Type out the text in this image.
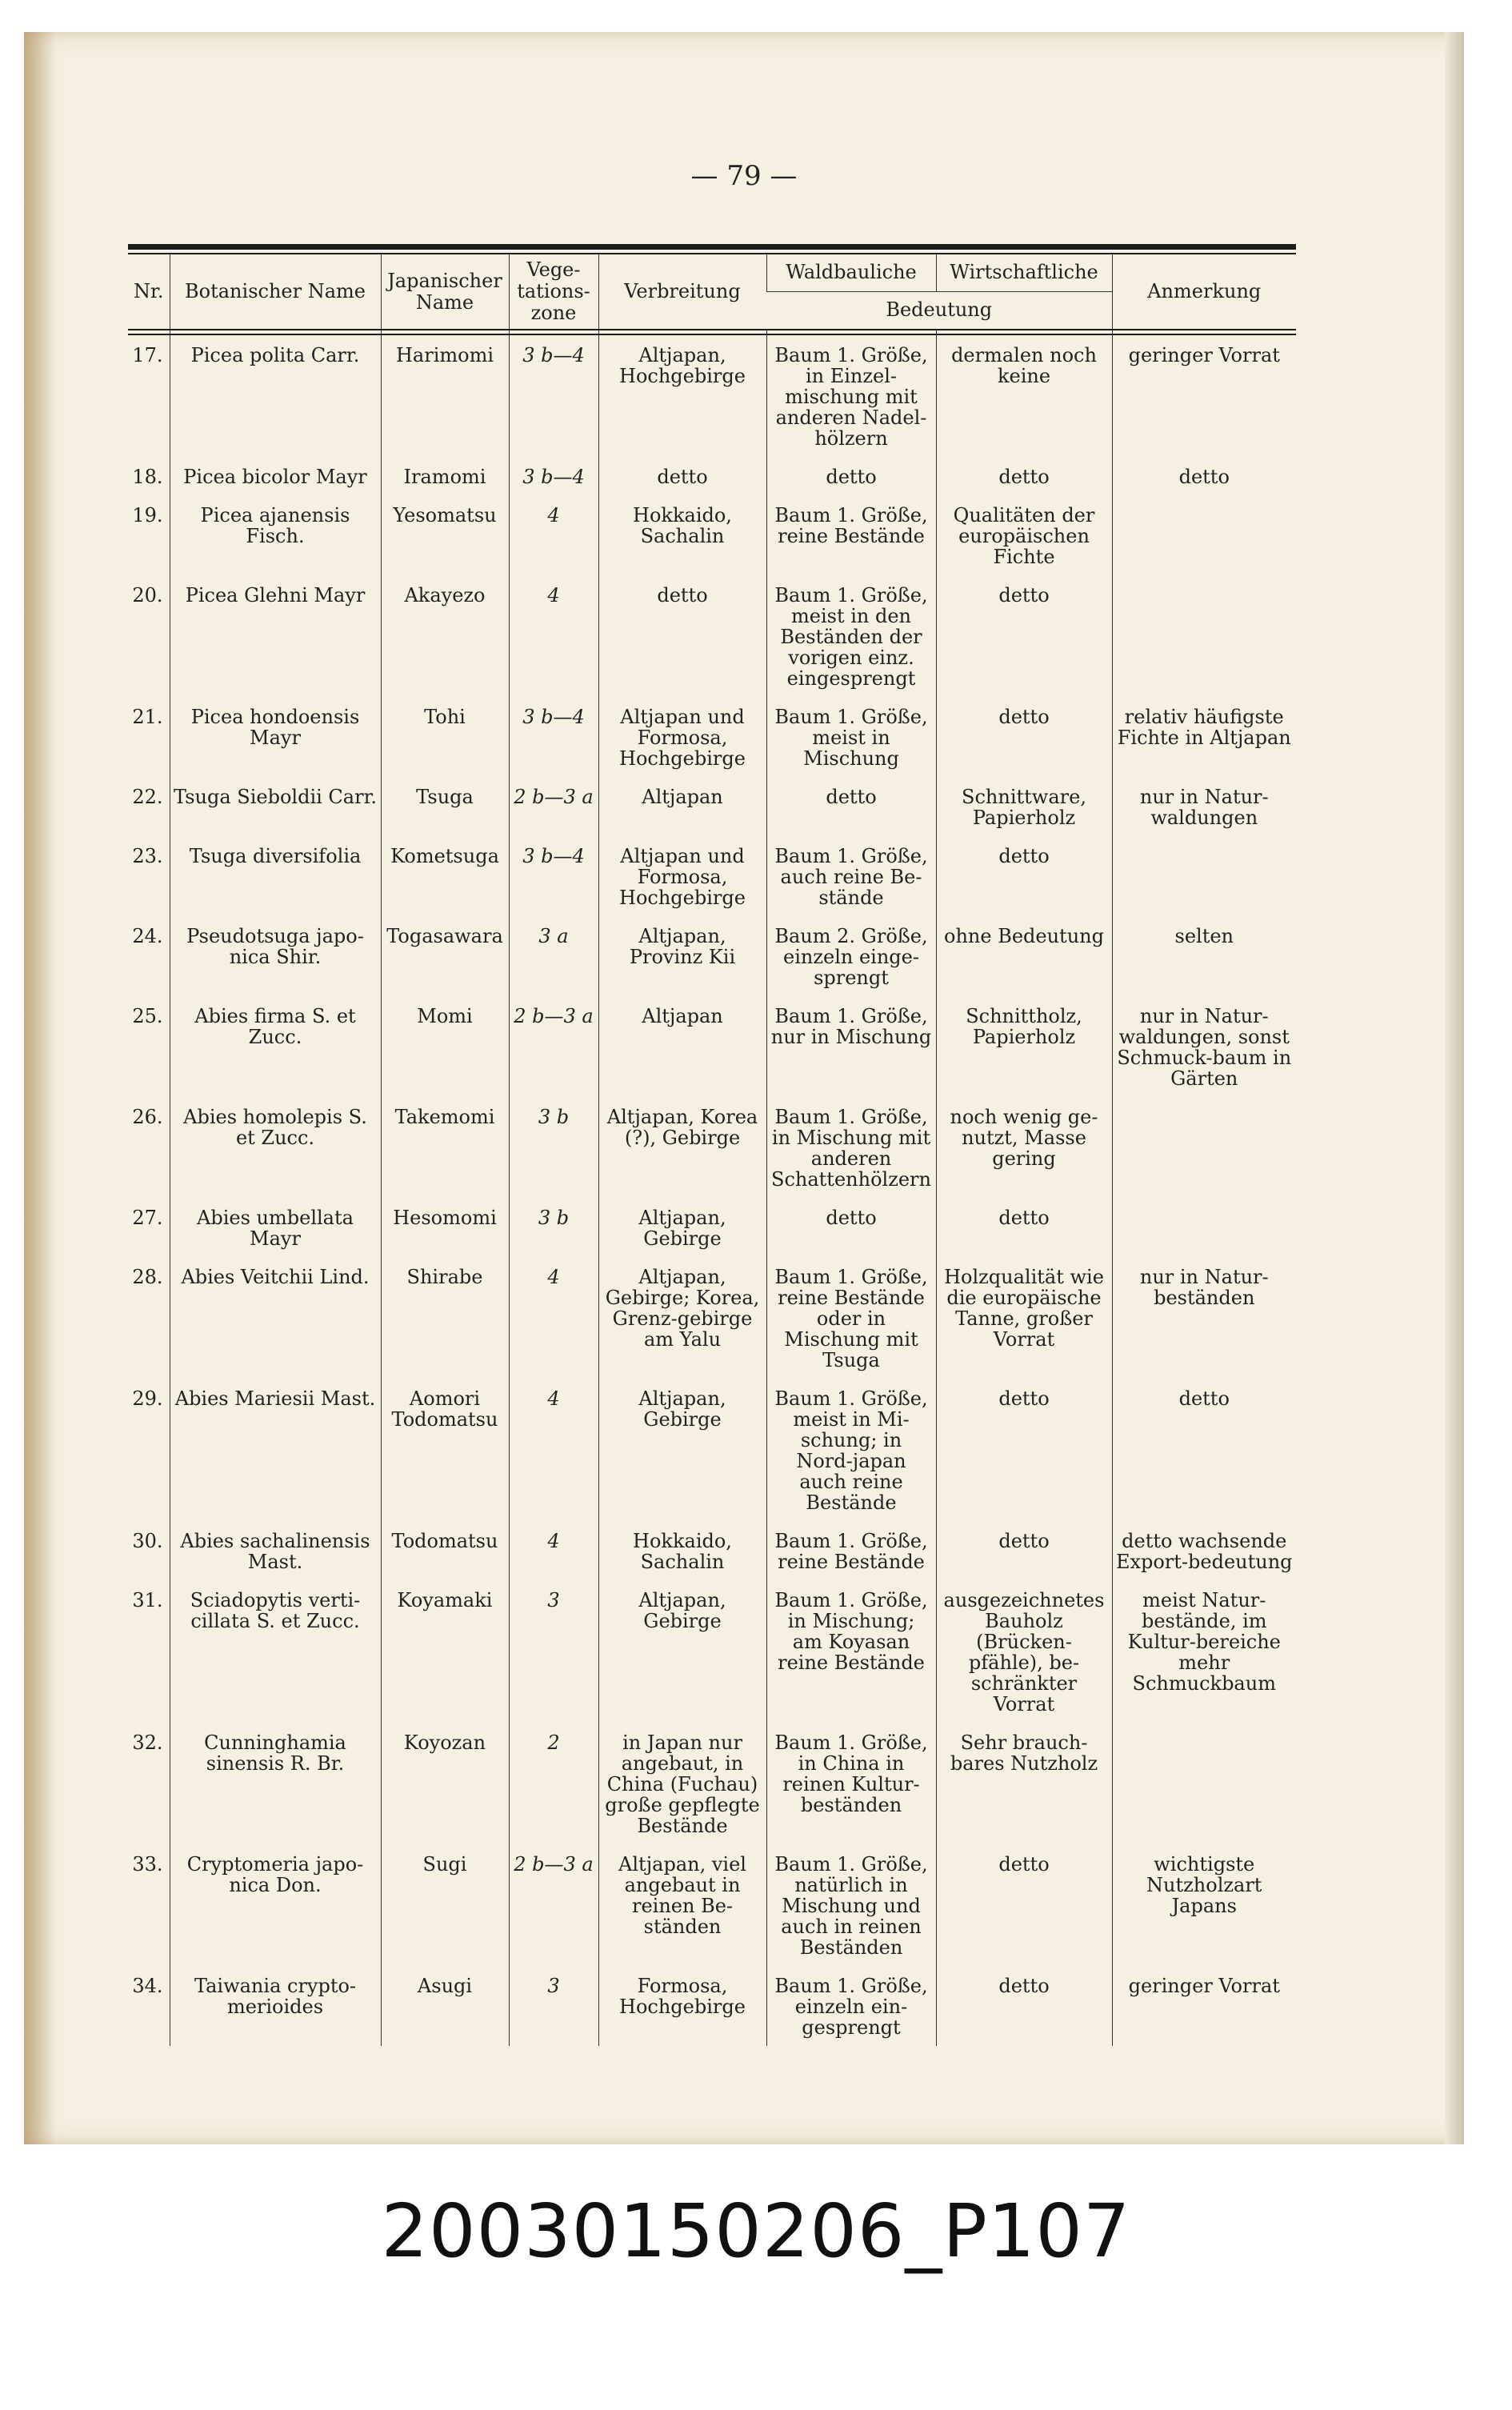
— 79 —
Nr.	Botanischer Name	Japanischer Name	Vege-tations-zone	Verbreitung	Waldbauliche	Wirtschaftliche	Anmerkung
					Bedeutung		

17.	Picea polita Carr.	Harimomi	3 b—4	Altjapan, Hochgebirge	Baum 1. Größe, in Einzel-mischung mit anderen Nadel-hölzern	dermalen noch keine	geringer Vorrat
18.	Picea bicolor Mayr	Iramomi	3 b—4	detto	detto	detto	detto
19.	Picea ajanensis Fisch.	Yesomatsu	4	Hokkaido, Sachalin	Baum 1. Größe, reine Bestände	Qualitäten der europäischen Fichte	
20.	Picea Glehni Mayr	Akayezo	4	detto	Baum 1. Größe, meist in den Beständen der vorigen einz. eingesprengt	detto	
21.	Picea hondoensis Mayr	Tohi	3 b—4	Altjapan und Formosa, Hochgebirge	Baum 1. Größe, meist in Mischung	detto	relativ häufigste Fichte in Altjapan
22.	Tsuga Sieboldii Carr.	Tsuga	2 b—3 a	Altjapan	detto	Schnittware, Papierholz	nur in Natur-waldungen
23.	Tsuga diversifolia	Kometsuga	3 b—4	Altjapan und Formosa, Hochgebirge	Baum 1. Größe, auch reine Be-stände	detto	
24.	Pseudotsuga japo-nica Shir.	Togasawara	3 a	Altjapan, Provinz Kii	Baum 2. Größe, einzeln einge-sprengt	ohne Bedeutung	selten
25.	Abies firma S. et Zucc.	Momi	2 b—3 a	Altjapan	Baum 1. Größe, nur in Mischung	Schnittholz, Papierholz	nur in Natur-waldungen, sonst Schmuck-baum in Gärten
26.	Abies homolepis S. et Zucc.	Takemomi	3 b	Altjapan, Korea (?), Gebirge	Baum 1. Größe, in Mischung mit anderen Schattenhölzern	noch wenig ge-nutzt, Masse gering	
27.	Abies umbellata Mayr	Hesomomi	3 b	Altjapan, Gebirge	detto	detto	
28.	Abies Veitchii Lind.	Shirabe	4	Altjapan, Gebirge; Korea, Grenz-gebirge am Yalu	Baum 1. Größe, reine Bestände oder in Mischung mit Tsuga	Holzqualität wie die europäische Tanne, großer Vorrat	nur in Natur-beständen
29.	Abies Mariesii Mast.	Aomori Todomatsu	4	Altjapan, Gebirge	Baum 1. Größe, meist in Mi-schung; in Nord-japan auch reine Bestände	detto	detto
30.	Abies sachalinensis Mast.	Todomatsu	4	Hokkaido, Sachalin	Baum 1. Größe, reine Bestände	detto	detto wachsende Export-bedeutung
31.	Sciadopytis verti-cillata S. et Zucc.	Koyamaki	3	Altjapan, Gebirge	Baum 1. Größe, in Mischung; am Koyasan reine Bestände	ausgezeichnetes Bauholz (Brücken-pfähle), be-schränkter Vorrat	meist Natur-bestände, im Kultur-bereiche mehr Schmuckbaum
32.	Cunninghamia sinensis R. Br.	Koyozan	2	in Japan nur angebaut, in China (Fuchau) große gepflegte Bestände	Baum 1. Größe, in China in reinen Kultur-beständen	Sehr brauch-bares Nutzholz	
33.	Cryptomeria japo-nica Don.	Sugi	2 b—3 a	Altjapan, viel angebaut in reinen Be-ständen	Baum 1. Größe, natürlich in Mischung und auch in reinen Beständen	detto	wichtigste Nutzholzart Japans
34.	Taiwania crypto-merioides	Asugi	3	Formosa, Hochgebirge	Baum 1. Größe, einzeln ein-gesprengt	detto	geringer Vorrat
20030150206_P107
